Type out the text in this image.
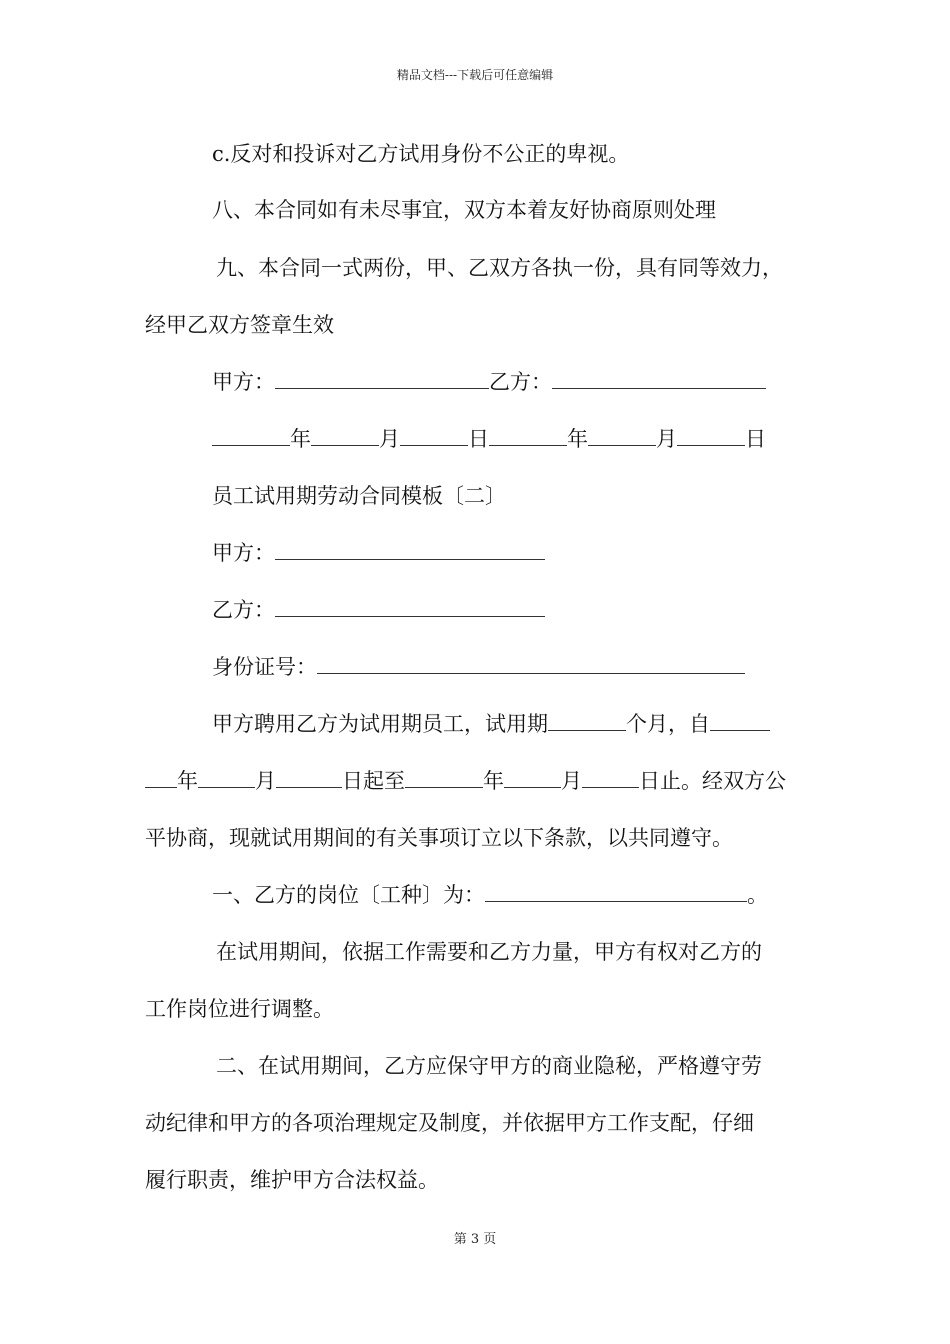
精品文档---下载后可任意编辑
c.反对和投诉对乙方试用身份不公正的卑视。
八、本合同如有未尽事宜，双方本着友好协商原则处理
九、本合同一式两份，甲、乙双方各执一份，具有同等效力，
经甲乙双方签章生效
甲方：	乙方：
年	月	日	年	月	日
员工试用期劳动合同模板〔二〕
甲方：
乙方：
身份证号：
甲方聘用乙方为试用期员工，试用期	个月，自
年	月	日起至	年	月	日止。经双方公
平协商，现就试用期间的有关事项订立以下条款，以共同遵守。
一、乙方的岗位〔工种〕为：	。
在试用期间，依据工作需要和乙方力量，甲方有权对乙方的
工作岗位进行调整。
二、在试用期间，乙方应保守甲方的商业隐秘，严格遵守劳
动纪律和甲方的各项治理规定及制度，并依据甲方工作支配，仔细
履行职责，维护甲方合法权益。
第 3 页
